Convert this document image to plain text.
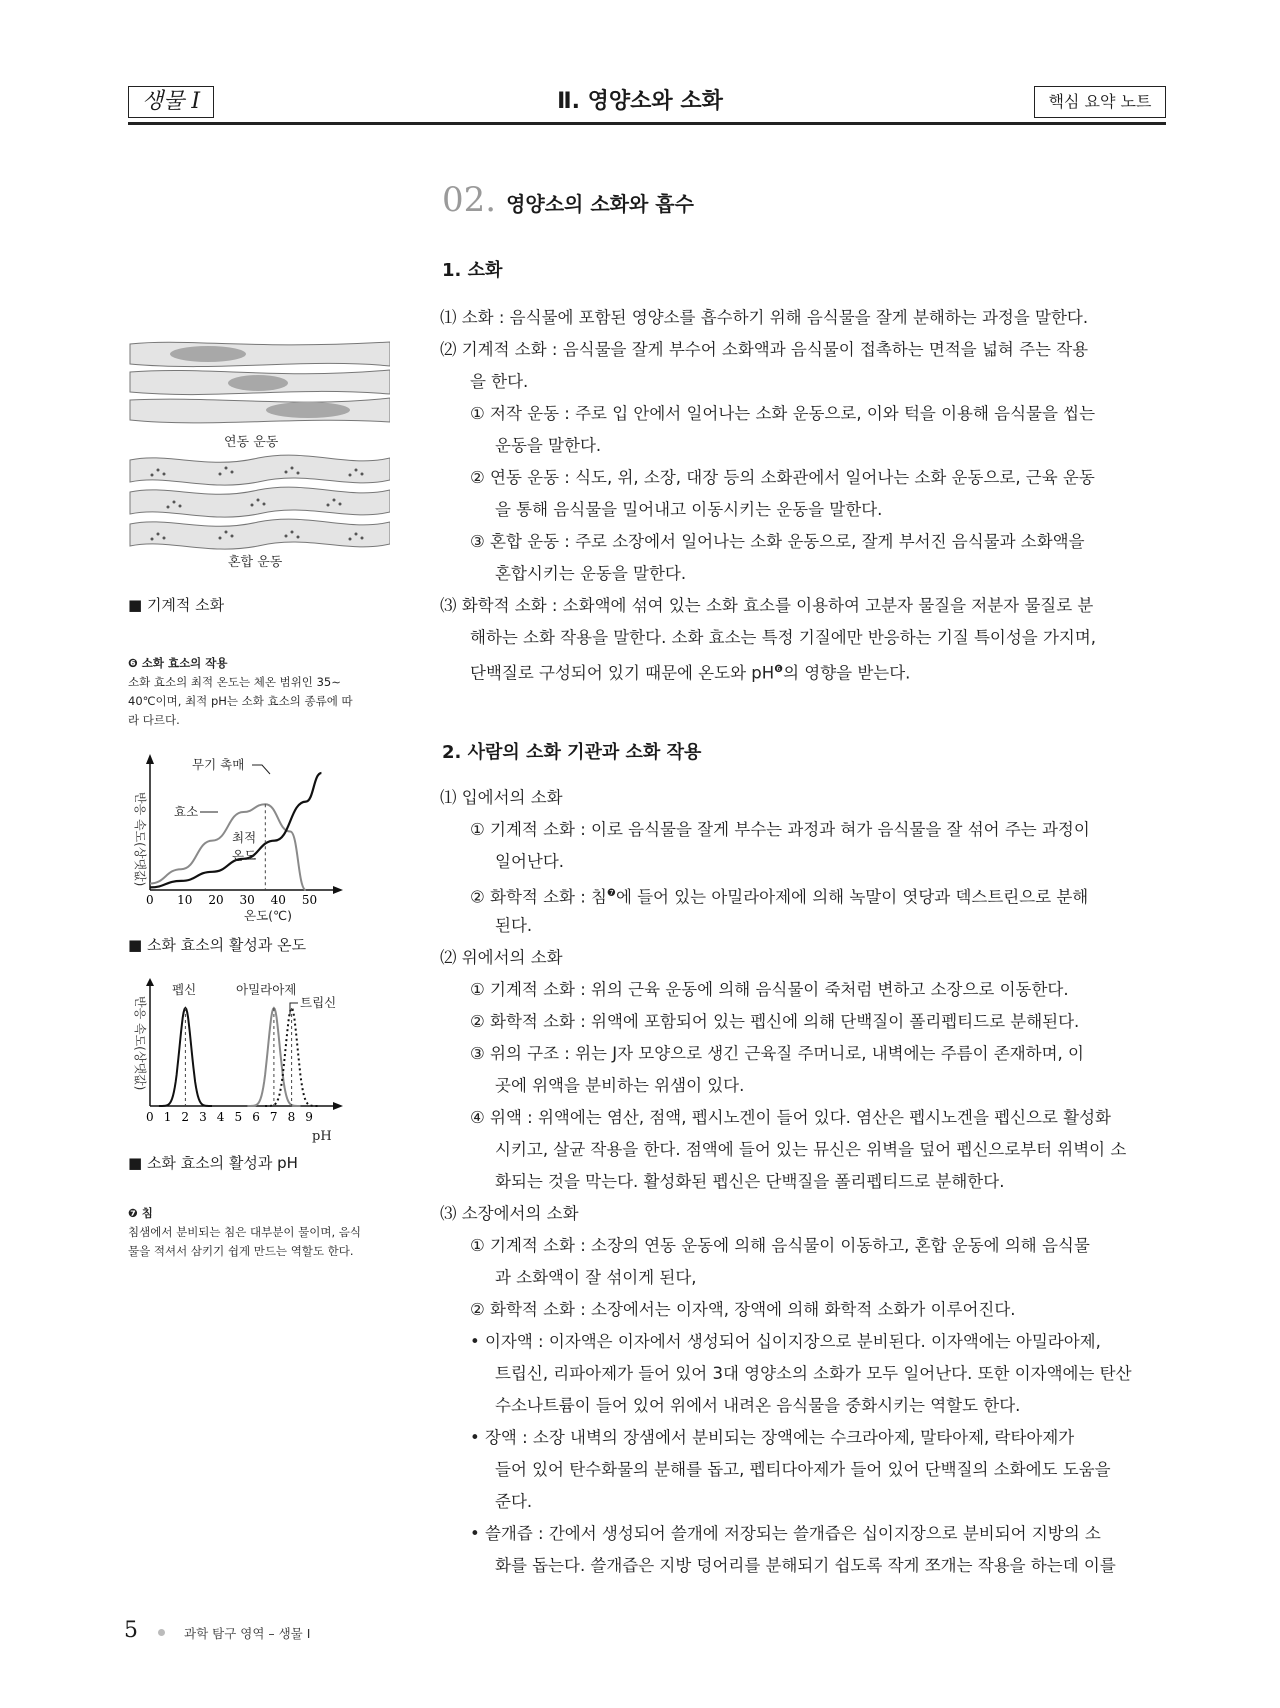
생물 I	Ⅱ. 영양소와 소화	핵심 요약 노트
02. 영양소의 소화와 흡수
1. 소화
⑴ 소화 : 음식물에 포함된 영양소를 흡수하기 위해 음식물을 잘게 분해하는 과정을 말한다.
⑵ 기계적 소화 : 음식물을 잘게 부수어 소화액과 음식물이 접촉하는 면적을 넓혀 주는 작용
을 한다.
① 저작 운동 : 주로 입 안에서 일어나는 소화 운동으로, 이와 턱을 이용해 음식물을 씹는
운동을 말한다.
② 연동 운동 : 식도, 위, 소장, 대장 등의 소화관에서 일어나는 소화 운동으로, 근육 운동
을 통해 음식물을 밀어내고 이동시키는 운동을 말한다.
③ 혼합 운동 : 주로 소장에서 일어나는 소화 운동으로, 잘게 부서진 음식물과 소화액을
혼합시키는 운동을 말한다.
⑶ 화학적 소화 : 소화액에 섞여 있는 소화 효소를 이용하여 고분자 물질을 저분자 물질로 분
해하는 소화 작용을 말한다. 소화 효소는 특정 기질에만 반응하는 기질 특이성을 가지며,
단백질로 구성되어 있기 때문에 온도와 $pH^❻$의 영향을 받는다.
2. 사람의 소화 기관과 소화 작용
⑴ 입에서의 소화
① 기계적 소화 : 이로 음식물을 잘게 부수는 과정과 혀가 음식물을 잘 섞어 주는 과정이
일어난다.
② 화학적 소화 : 침$^❼$에 들어 있는 아밀라아제에 의해 녹말이 엿당과 덱스트린으로 분해
된다.
⑵ 위에서의 소화
① 기계적 소화 : 위의 근육 운동에 의해 음식물이 죽처럼 변하고 소장으로 이동한다.
② 화학적 소화 : 위액에 포함되어 있는 펩신에 의해 단백질이 폴리펩티드로 분해된다.
③ 위의 구조 : 위는 J자 모양으로 생긴 근육질 주머니로, 내벽에는 주름이 존재하며, 이
곳에 위액을 분비하는 위샘이 있다.
④ 위액 : 위액에는 염산, 점액, 펩시노겐이 들어 있다. 염산은 펩시노겐을 펩신으로 활성화
시키고, 살균 작용을 한다. 점액에 들어 있는 뮤신은 위벽을 덮어 펩신으로부터 위벽이 소
화되는 것을 막는다. 활성화된 펩신은 단백질을 폴리펩티드로 분해한다.
⑶ 소장에서의 소화
① 기계적 소화 : 소장의 연동 운동에 의해 음식물이 이동하고, 혼합 운동에 의해 음식물
과 소화액이 잘 섞이게 된다,
② 화학적 소화 : 소장에서는 이자액, 장액에 의해 화학적 소화가 이루어진다.
• 이자액 : 이자액은 이자에서 생성되어 십이지장으로 분비된다. 이자액에는 아밀라아제,
트립신, 리파아제가 들어 있어 3대 영양소의 소화가 모두 일어난다. 또한 이자액에는 탄산
수소나트륨이 들어 있어 위에서 내려온 음식물을 중화시키는 역할도 한다.
• 장액 : 소장 내벽의 장샘에서 분비되는 장액에는 수크라아제, 말타아제, 락타아제가
들어 있어 탄수화물의 분해를 돕고, 펩티다아제가 들어 있어 단백질의 소화에도 도움을
준다.
• 쓸개즙 : 간에서 생성되어 쓸개에 저장되는 쓸개즙은 십이지장으로 분비되어 지방의 소
화를 돕는다. 쓸개즙은 지방 덩어리를 분해되기 쉽도록 작게 쪼개는 작용을 하는데 이를
연동 운동
혼합 운동
■ 기계적 소화
❻ 소화 효소의 작용
소화 효소의 최적 온도는 체온 범위인 35∼
40℃이며, 최적 pH는 소화 효소의 종류에 따
라 다르다.
반응 속도(상댓값)
무기 촉매
효소
최적
온도
0 10 20 30 40 50
온도(℃)
■ 소화 효소의 활성과 온도
반응 속도(상댓값)
펩신	아밀라아제
트립신
0 1 2 3 4 5 6 7 8 9
pH
■ 소화 효소의 활성과 pH
❼ 침
침샘에서 분비되는 침은 대부분이 물이며, 음식
물을 적셔서 삼키기 쉽게 만드는 역할도 한다.
5	과학 탐구 영역 – 생물 I
